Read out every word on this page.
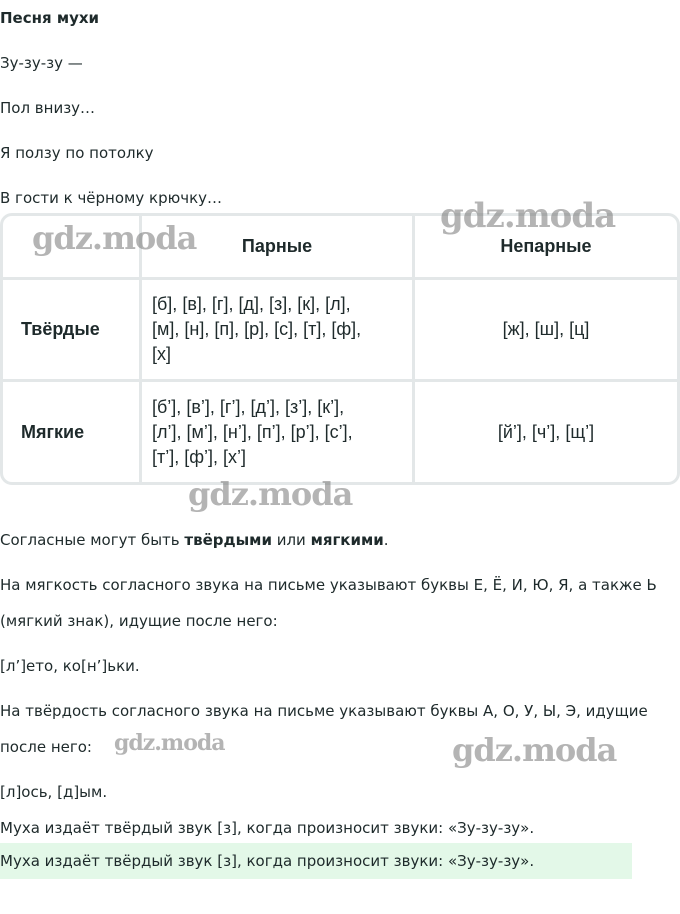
Песня мухи
Зу-зу-зу —
Пол внизу…
Я ползу по потолку
В гости к чёрному крючку…
	Парные	Непарные
Твёрдые	[б], [в], [г], [д], [з], [к], [л],
[м], [н], [п], [р], [с], [т], [ф],
[х]	[ж], [ш], [ц]
Мягкие	[б’], [в’], [г’], [д’], [з’], [к’],
[л’], [м’], [н’], [п’], [р’], [с’],
[т’], [ф’], [х’]	[й’], [ч’], [щ’]
Согласные могут быть твёрдыми или мягкими.
На мягкость согласного звука на письме указывают буквы Е, Ё, И, Ю, Я, а также Ь
(мягкий знак), идущие после него:
[л’]ето, ко[н’]ьки.
На твёрдость согласного звука на письме указывают буквы А, О, У, Ы, Э, идущие
после него:
[л]ось, [д]ым.
Муха издаёт твёрдый звук [з], когда произносит звуки: «Зу-зу-зу».
Муха издаёт твёрдый звук [з], когда произносит звуки: «Зу-зу-зу».
gdz.moda
gdz.moda
gdz.moda
gdz.moda	gdz.moda
